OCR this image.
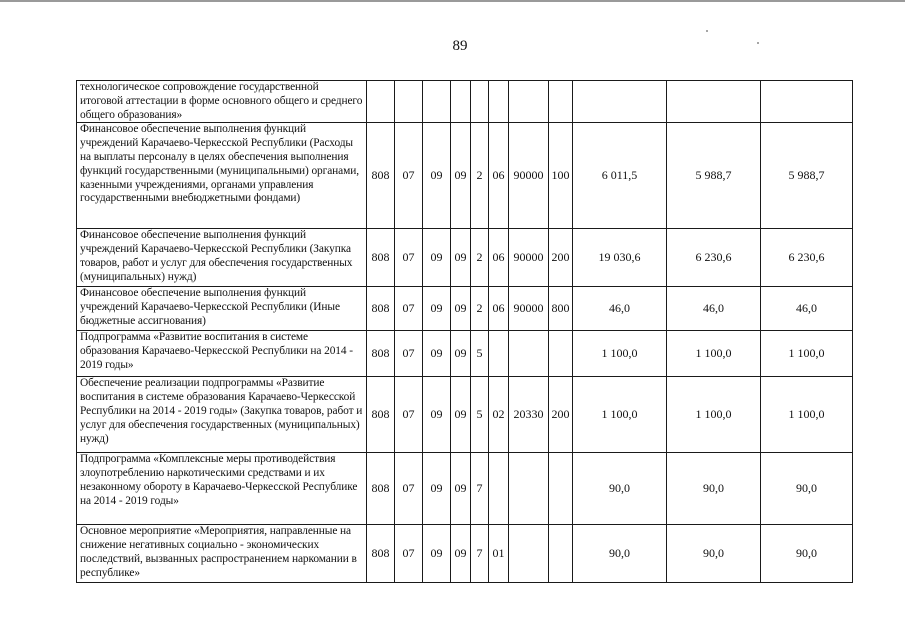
89
технологическое сопровождение государственной итоговой аттестации в форме основного общего и среднего общего образования»											
Финансовое обеспечение выполнения функций учреждений Карачаево-Черкесской Республики (Расходы на выплаты персоналу в целях обеспечения выполнения функций государственными (муниципальными) органами, казенными учреждениями, органами управления государственными внебюджетными фондами)	808	07	09	09	2	06	90000	100	6 011,5	5 988,7	5 988,7
Финансовое обеспечение выполнения функций учреждений Карачаево-Черкесской Республики (Закупка товаров, работ и услуг для обеспечения государственных (муниципальных) нужд)	808	07	09	09	2	06	90000	200	19 030,6	6 230,6	6 230,6
Финансовое обеспечение выполнения функций учреждений Карачаево-Черкесской Республики (Иные бюджетные ассигнования)	808	07	09	09	2	06	90000	800	46,0	46,0	46,0
Подпрограмма «Развитие воспитания в системе образования Карачаево-Черкесской Республики на 2014 - 2019 годы»	808	07	09	09	5				1 100,0	1 100,0	1 100,0
Обеспечение реализации подпрограммы «Развитие воспитания в системе образования Карачаево-Черкесской Республики на 2014 - 2019 годы» (Закупка товаров, работ и услуг для обеспечения государственных (муниципальных) нужд)	808	07	09	09	5	02	20330	200	1 100,0	1 100,0	1 100,0
Подпрограмма «Комплексные меры противодействия злоупотреблению наркотическими средствами и их незаконному обороту в Карачаево-Черкесской Республике на 2014 - 2019 годы»	808	07	09	09	7				90,0	90,0	90,0
Основное мероприятие «Мероприятия, направленные на снижение негативных социально - экономических последствий, вызванных распространением наркомании в республике»	808	07	09	09	7	01			90,0	90,0	90,0
